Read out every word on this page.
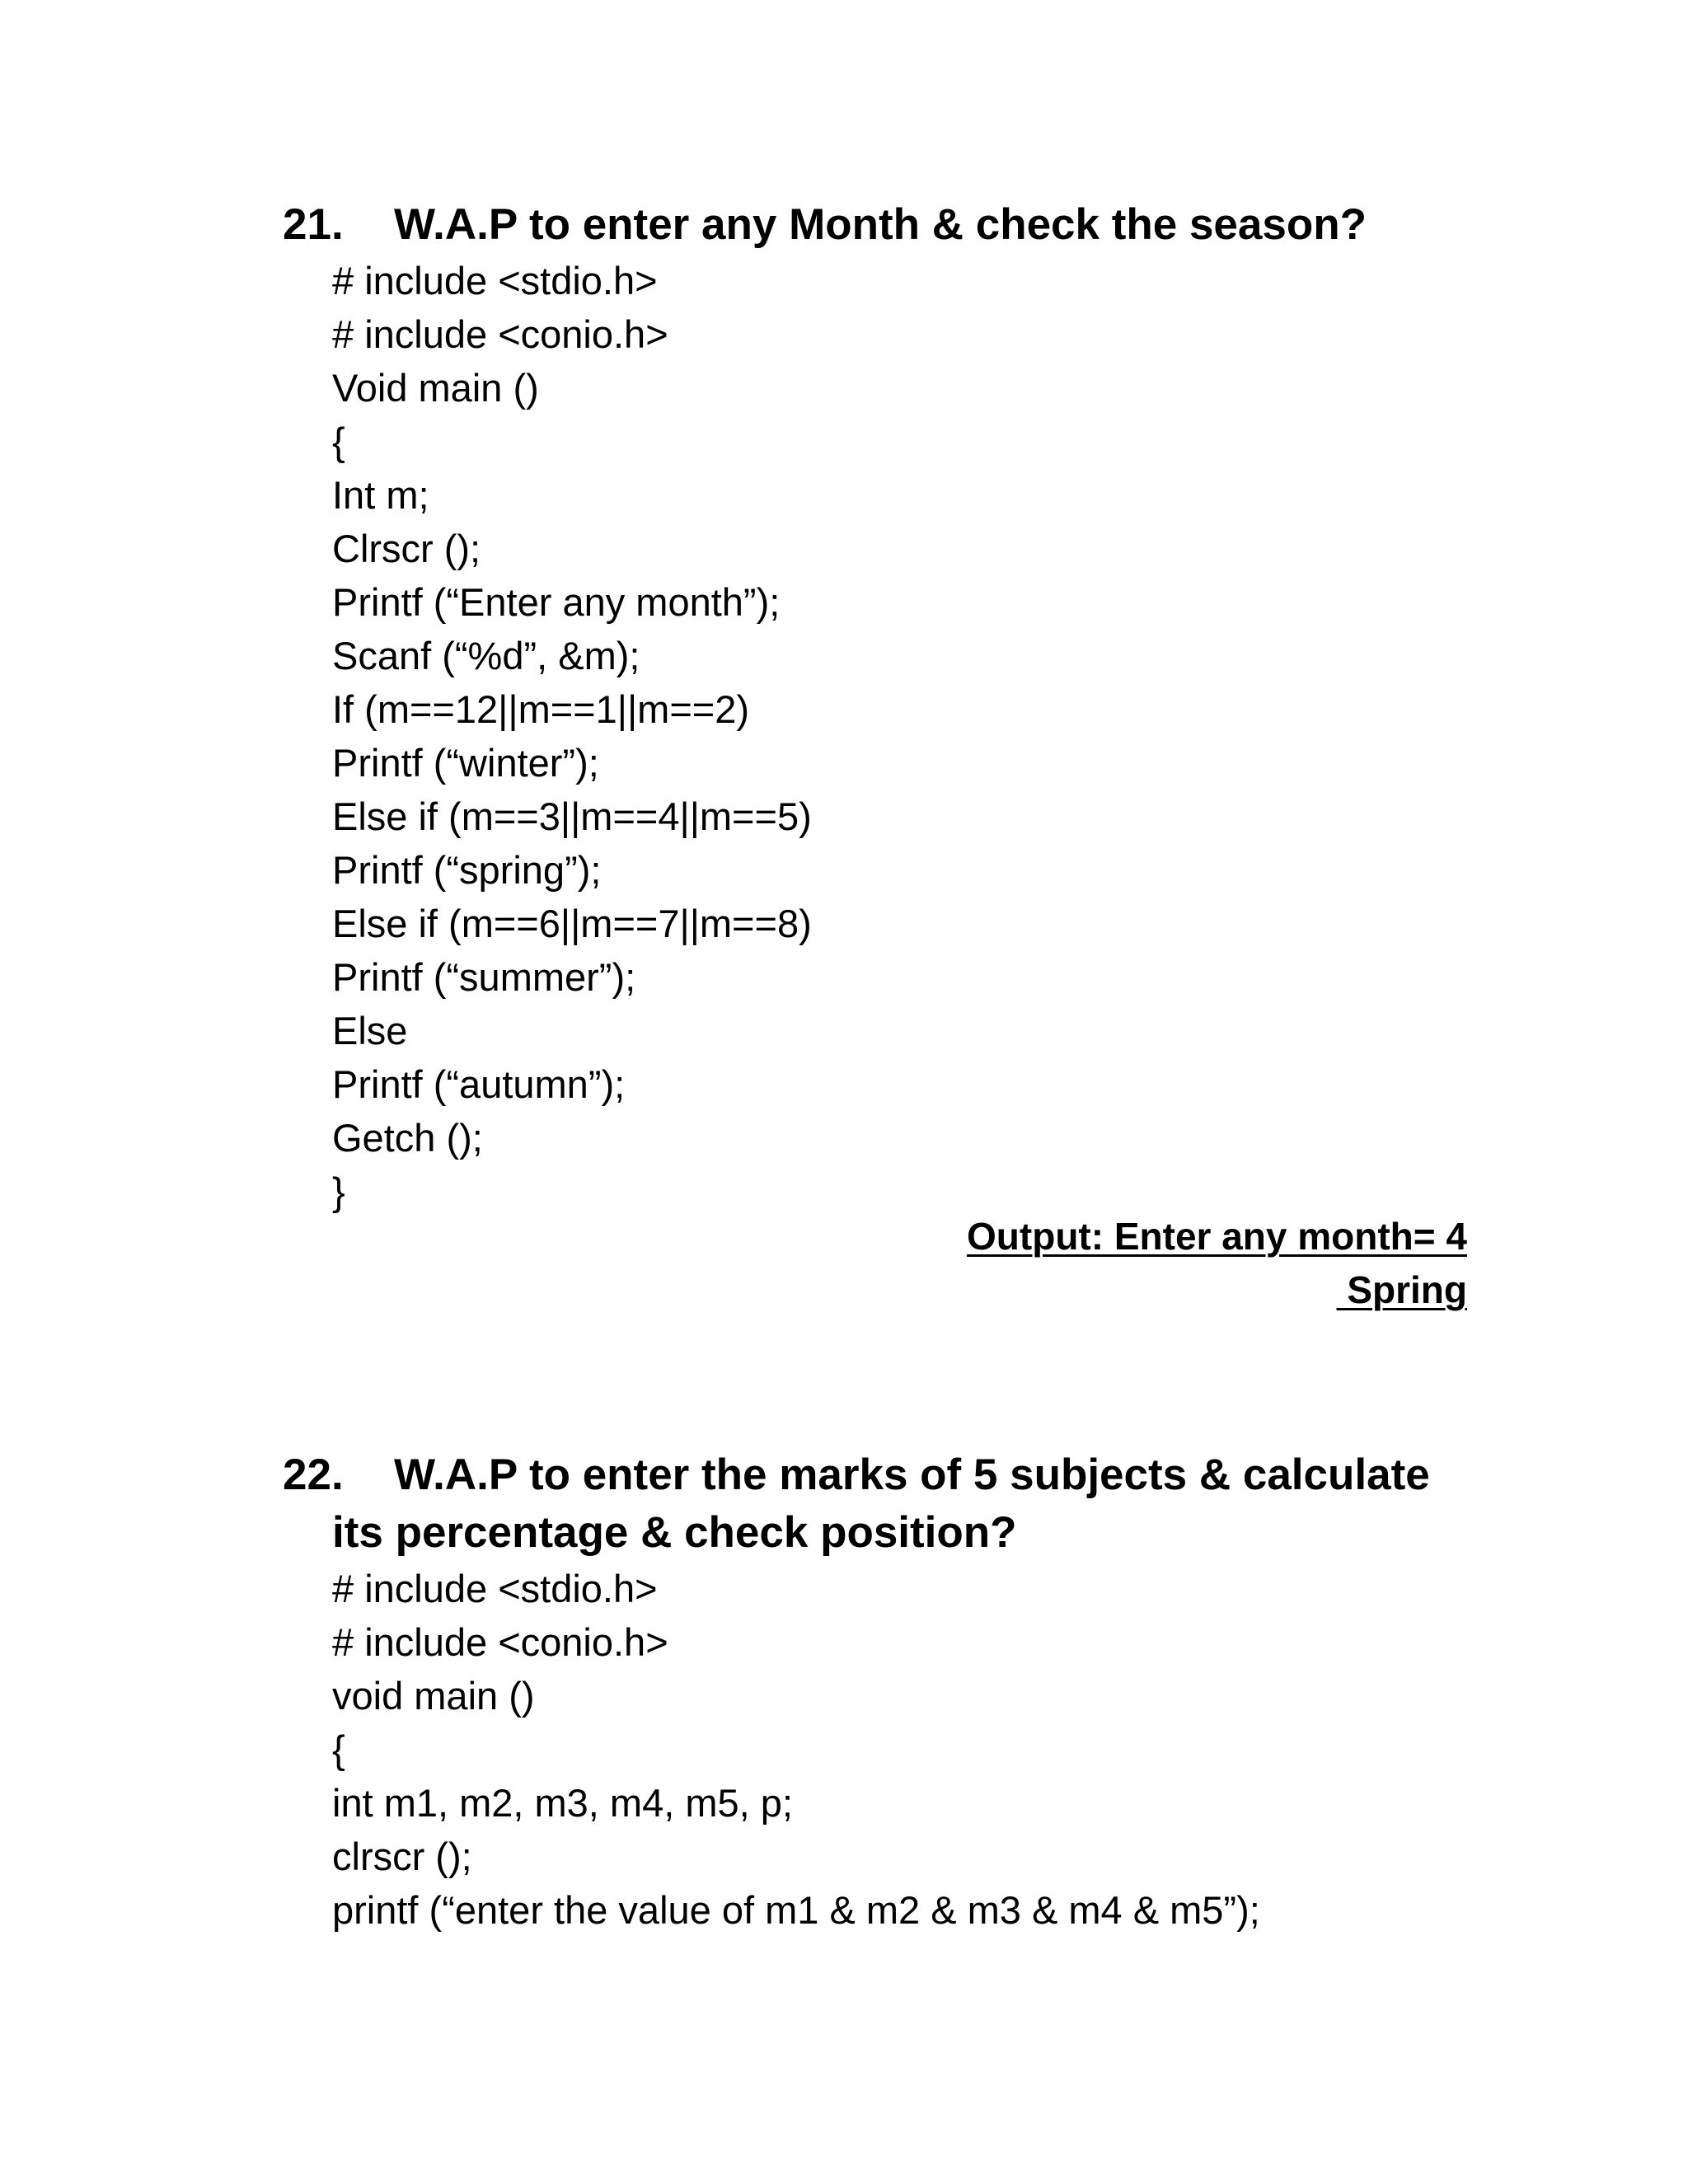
21. W.A.P to enter any Month & check the season?
# include <stdio.h>
# include <conio.h>
Void main ()
{
Int m;
Clrscr ();
Printf (“Enter any month”);
Scanf (“%d”, &m);
If (m==12||m==1||m==2)
Printf (“winter”);
Else if (m==3||m==4||m==5)
Printf (“spring”);
Else if (m==6||m==7||m==8)
Printf (“summer”);
Else
Printf (“autumn”);
Getch ();
}
Output: Enter any month= 4
Spring
22. W.A.P to enter the marks of 5 subjects & calculate
its percentage & check position?
# include <stdio.h>
# include <conio.h>
void main ()
{
int m1, m2, m3, m4, m5, p;
clrscr ();
printf (“enter the value of m1 & m2 & m3 & m4 & m5”);
